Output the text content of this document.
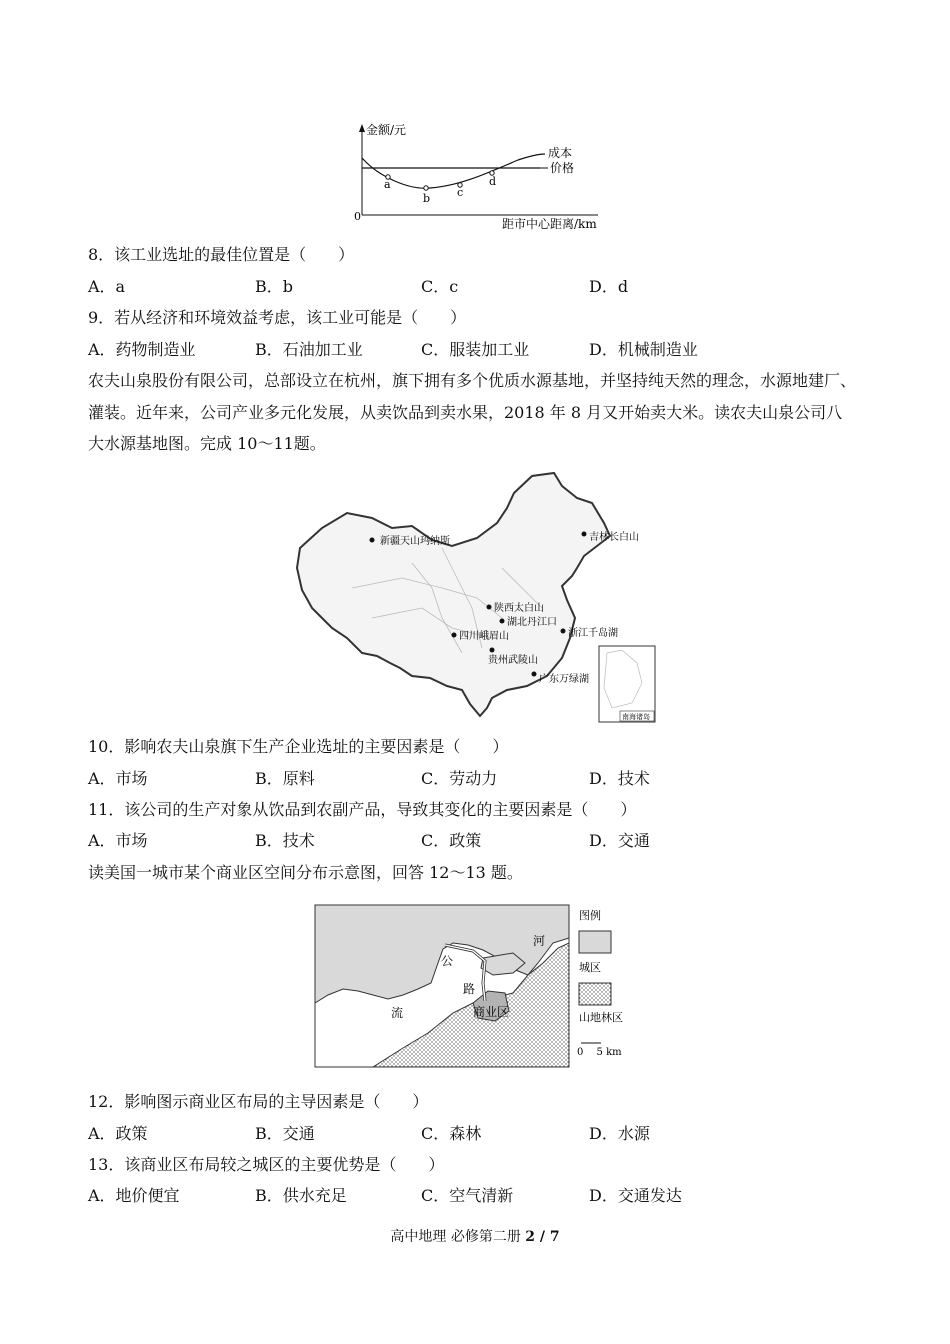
金额/元
0
距市中心距离/km
成本
价格
a
b c
d
8．该工业选址的最佳位置是（　　）
A．a	B．b	C．c	D．d
9．若从经济和环境效益考虑，该工业可能是（　　）
A．药物制造业	B．石油加工业	C．服装加工业	D．机械制造业
农夫山泉股份有限公司，总部设立在杭州，旗下拥有多个优质水源基地，并坚持纯天然的理念，水源地建厂、
灌装。近年来，公司产业多元化发展，从卖饮品到卖水果，2018 年 8 月又开始卖大米。读农夫山泉公司八
大水源基地图。完成 10～11题。
新疆天山玛纳斯	吉林长白山
陕西太白山
湖北丹江口
四川峨眉山	浙江千岛湖
贵州武陵山
广东万绿湖
南海诸岛
10．影响农夫山泉旗下生产企业选址的主要因素是（　　）
A．市场	B．原料	C．劳动力	D．技术
11．该公司的生产对象从饮品到农副产品，导致其变化的主要因素是（　　）
A．市场	B．技术	C．政策	D．交通
读美国一城市某个商业区空间分布示意图，回答 12～13 题。
河
流
公
路
商业区
图例
城区
山地林区
0　 5 km
12．影响图示商业区布局的主导因素是（　　）
A．政策	B．交通	C．森林	D．水源
13．该商业区布局较之城区的主要优势是（　　）
A．地价便宜	B．供水充足	C．空气清新	D．交通发达
高中地理 必修第二册 2 / 7
